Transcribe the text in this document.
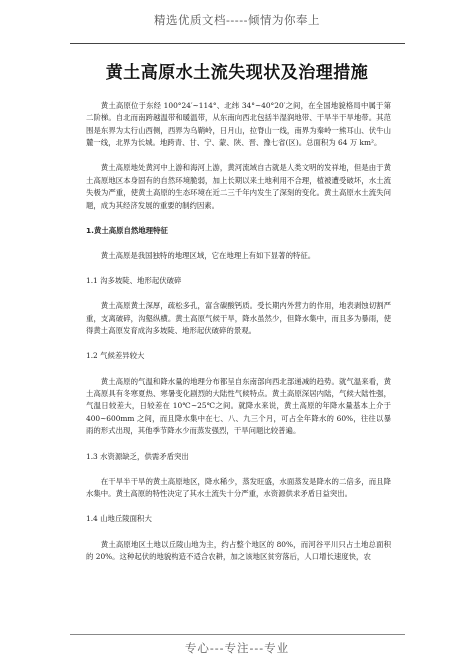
精选优质文档-----倾情为你奉上
黄土高原水土流失现状及治理措施

黄土高原位于东经 100°24′~114°、北纬 34°~40°20′之间，在全国地貌格局中属于第二阶梯。自北而南跨越温带和暖温带，从东南向西北包括半湿润地带、干旱半干旱地带。其范围是东界为太行山西侧，西界为乌鞘岭，日月山，拉脊山一线，南界为秦岭一熊耳山、伏牛山麓一线，北界为长城。地跨青、甘、宁、蒙、陕、晋、豫七省(区)。总面积为 64 万 km²。

黄土高原地处黄河中上游和海河上游，黄河流域自古就是人类文明的发祥地，但是由于黄土高原地区本身固有的自然环境脆弱，加上长期以来土地利用不合理，植被遭受破坏，水土流失极为严重，使黄土高原的生态环境在近二三千年内发生了深刻的变化。黄土高原水土流失问题，成为其经济发展的重要的制约因素。

1.黄土高原自然地理特征

黄土高原是我国独特的地理区域，它在地理上有如下显著的特征。

1.1 沟多坡陡、地形起伏破碎

黄土高原黄土深厚，疏松多孔，富含碳酸钙质。受长期内外营力的作用，地表剥蚀切割严重，支离破碎，沟壑纵横。黄土高原气候干旱，降水虽然少，但降水集中，而且多为暴雨，使得黄土高原发育成沟多坡陡、地形起伏破碎的景观。

1.2 气候差异较大

黄土高原的气温和降水量的地理分布都呈自东南部向西北部递减的趋势。就气温来看，黄土高原具有冬寒夏热、寒暑变化剧烈的大陆性气候特点。黄土高原深居内陆，气候大陆性强，气温日较差大，日较差在 10℃~25℃之间。就降水来说，黄土高原的年降水量基本上介于 400~600mm 之间，而且降水集中在七、八、九三个月，可占全年降水的 60%，往往以暴雨的形式出现，其他季节降水少而蒸发强烈，干旱问题比较普遍。

1.3 水资源缺乏，供需矛盾突出

在干旱半干旱的黄土高原地区，降水稀少，蒸发旺盛，水面蒸发是降水的二倍多，而且降水集中。黄土高原的特性决定了其水土流失十分严重，水资源供求矛盾日益突出。

1.4 山地丘陵面积大

黄土高原地区土地以丘陵山地为主，约占整个地区的 80%，而河谷平川只占土地总面积的 20%。这种起伏的地貌构造不适合农耕，加之该地区贫穷落后，人口增长速度快，农

专心---专注---专业
